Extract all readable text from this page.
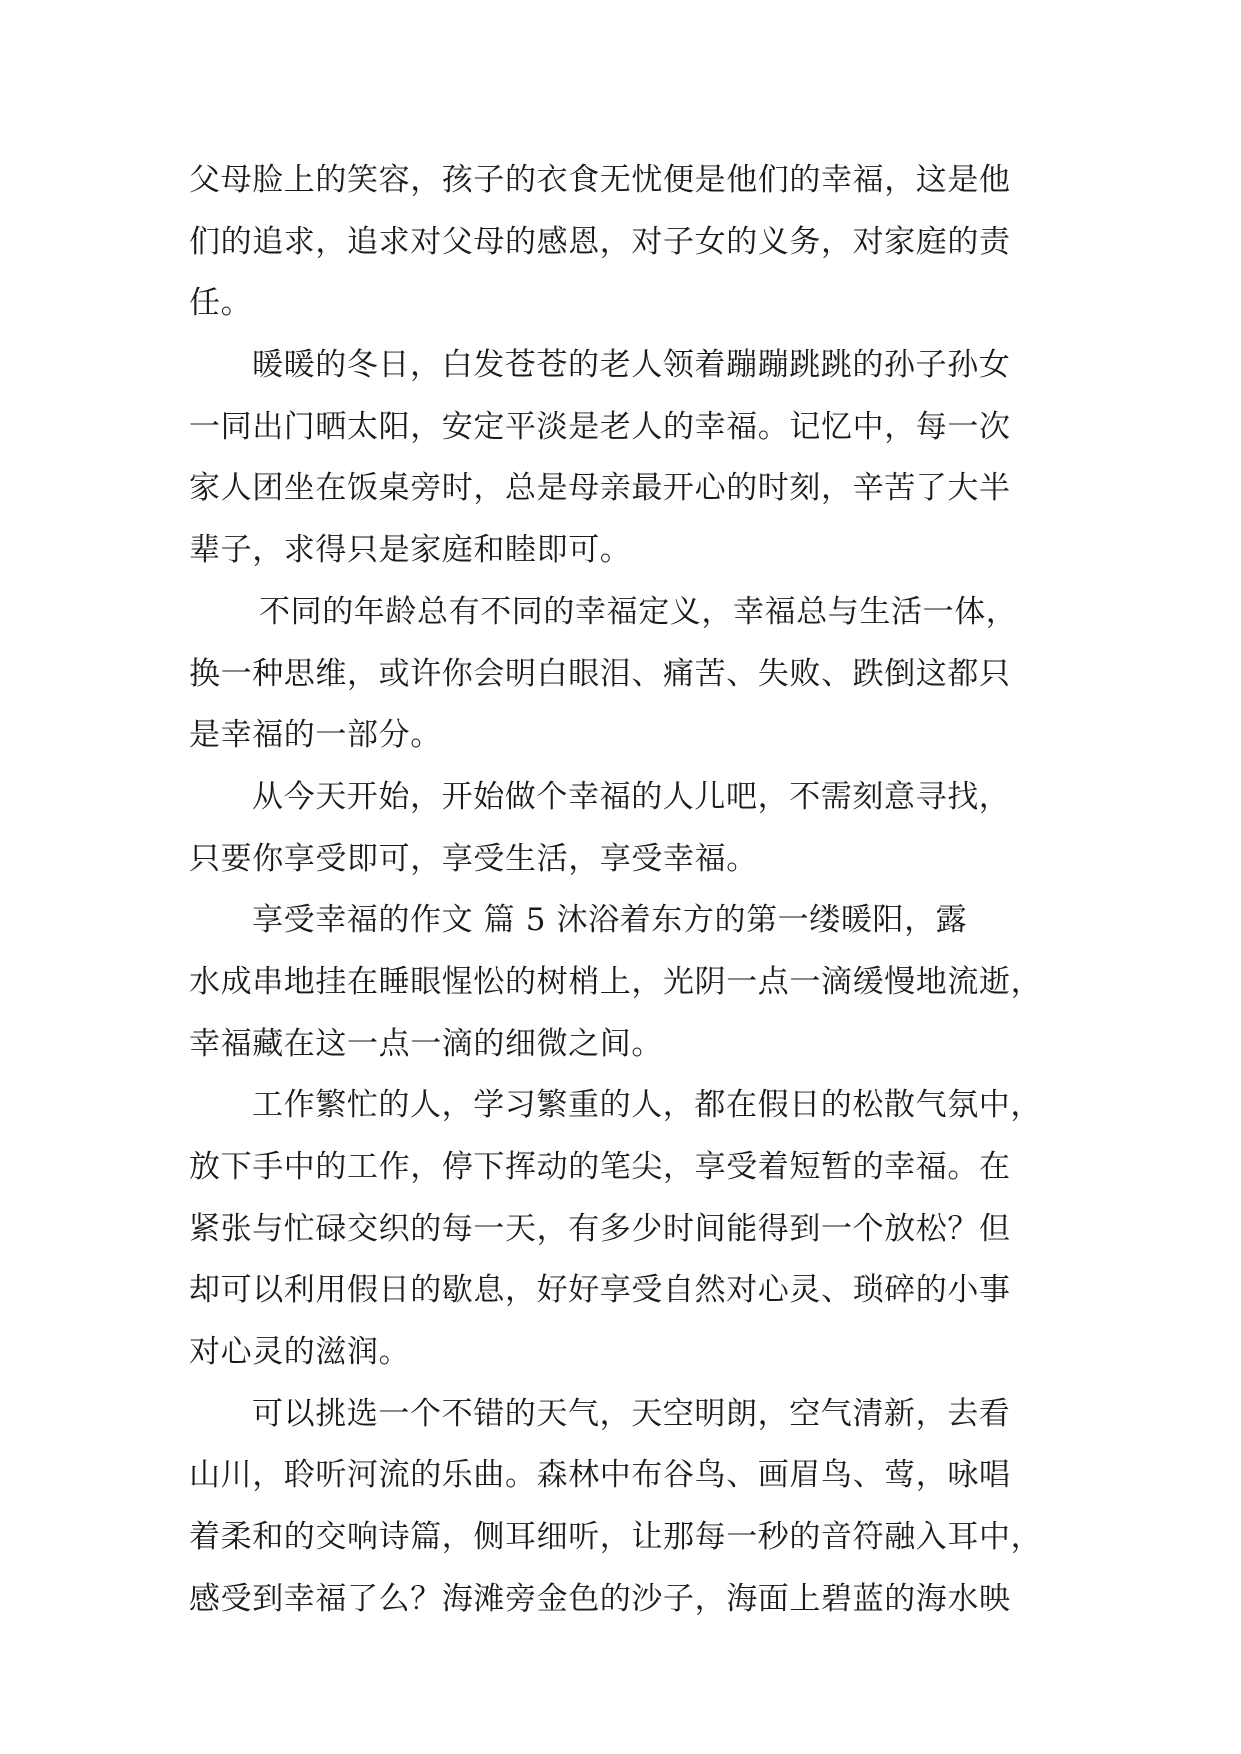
父母脸上的笑容，孩子的衣食无忧便是他们的幸福，这是他
们的追求，追求对父母的感恩，对子女的义务，对家庭的责
任。
暖暖的冬日，白发苍苍的老人领着蹦蹦跳跳的孙子孙女
一同出门晒太阳，安定平淡是老人的幸福。记忆中，每一次
家人团坐在饭桌旁时，总是母亲最开心的时刻，辛苦了大半
辈子，求得只是家庭和睦即可。
不同的年龄总有不同的幸福定义，幸福总与生活一体，
换一种思维，或许你会明白眼泪、痛苦、失败、跌倒这都只
是幸福的一部分。
从今天开始，开始做个幸福的人儿吧，不需刻意寻找，
只要你享受即可，享受生活，享受幸福。
享受幸福的作文 篇 5 沐浴着东方的第一缕暖阳，露
水成串地挂在睡眼惺忪的树梢上，光阴一点一滴缓慢地流逝，
幸福藏在这一点一滴的细微之间。
工作繁忙的人，学习繁重的人，都在假日的松散气氛中，
放下手中的工作，停下挥动的笔尖，享受着短暂的幸福。在
紧张与忙碌交织的每一天，有多少时间能得到一个放松？但
却可以利用假日的歇息，好好享受自然对心灵、琐碎的小事
对心灵的滋润。
可以挑选一个不错的天气，天空明朗，空气清新，去看
山川，聆听河流的乐曲。森林中布谷鸟、画眉鸟、莺，咏唱
着柔和的交响诗篇，侧耳细听，让那每一秒的音符融入耳中，
感受到幸福了么？海滩旁金色的沙子，海面上碧蓝的海水映
